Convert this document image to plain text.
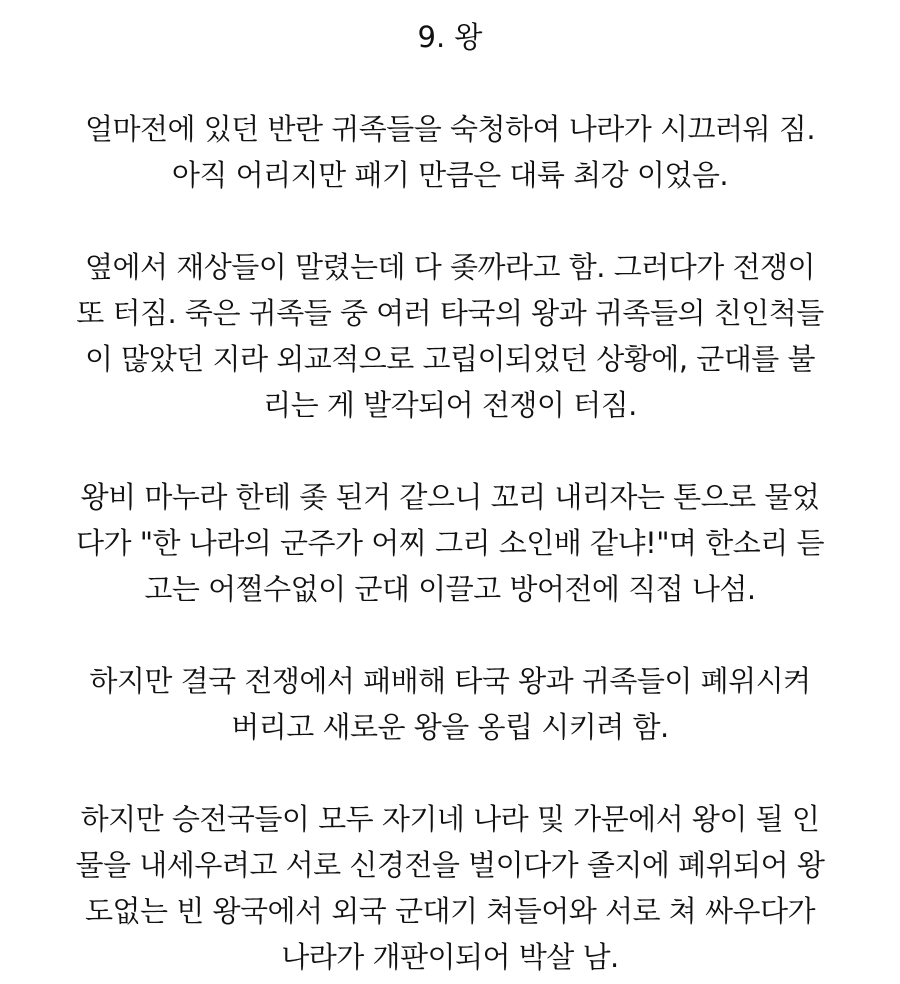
9. 왕
얼마전에 있던 반란 귀족들을 숙청하여 나라가 시끄러워 짐.
아직 어리지만 패기 만큼은 대륙 최강 이었음.
옆에서 재상들이 말렸는데 다 좆까라고 함. 그러다가 전쟁이
또 터짐. 죽은 귀족들 중 여러 타국의 왕과 귀족들의 친인척들
이 많았던 지라 외교적으로 고립이되었던 상황에, 군대를 불
리는 게 발각되어 전쟁이 터짐.
왕비 마누라 한테 좆 된거 같으니 꼬리 내리자는 톤으로 물었
다가 "한 나라의 군주가 어찌 그리 소인배 같냐!"며 한소리 듣
고는 어쩔수없이 군대 이끌고 방어전에 직접 나섬.
하지만 결국 전쟁에서 패배해 타국 왕과 귀족들이 폐위시켜
버리고 새로운 왕을 옹립 시키려 함.
하지만 승전국들이 모두 자기네 나라 및 가문에서 왕이 될 인
물을 내세우려고 서로 신경전을 벌이다가 졸지에 폐위되어 왕
도없는 빈 왕국에서 외국 군대기 쳐들어와 서로 쳐 싸우다가
나라가 개판이되어 박살 남.
